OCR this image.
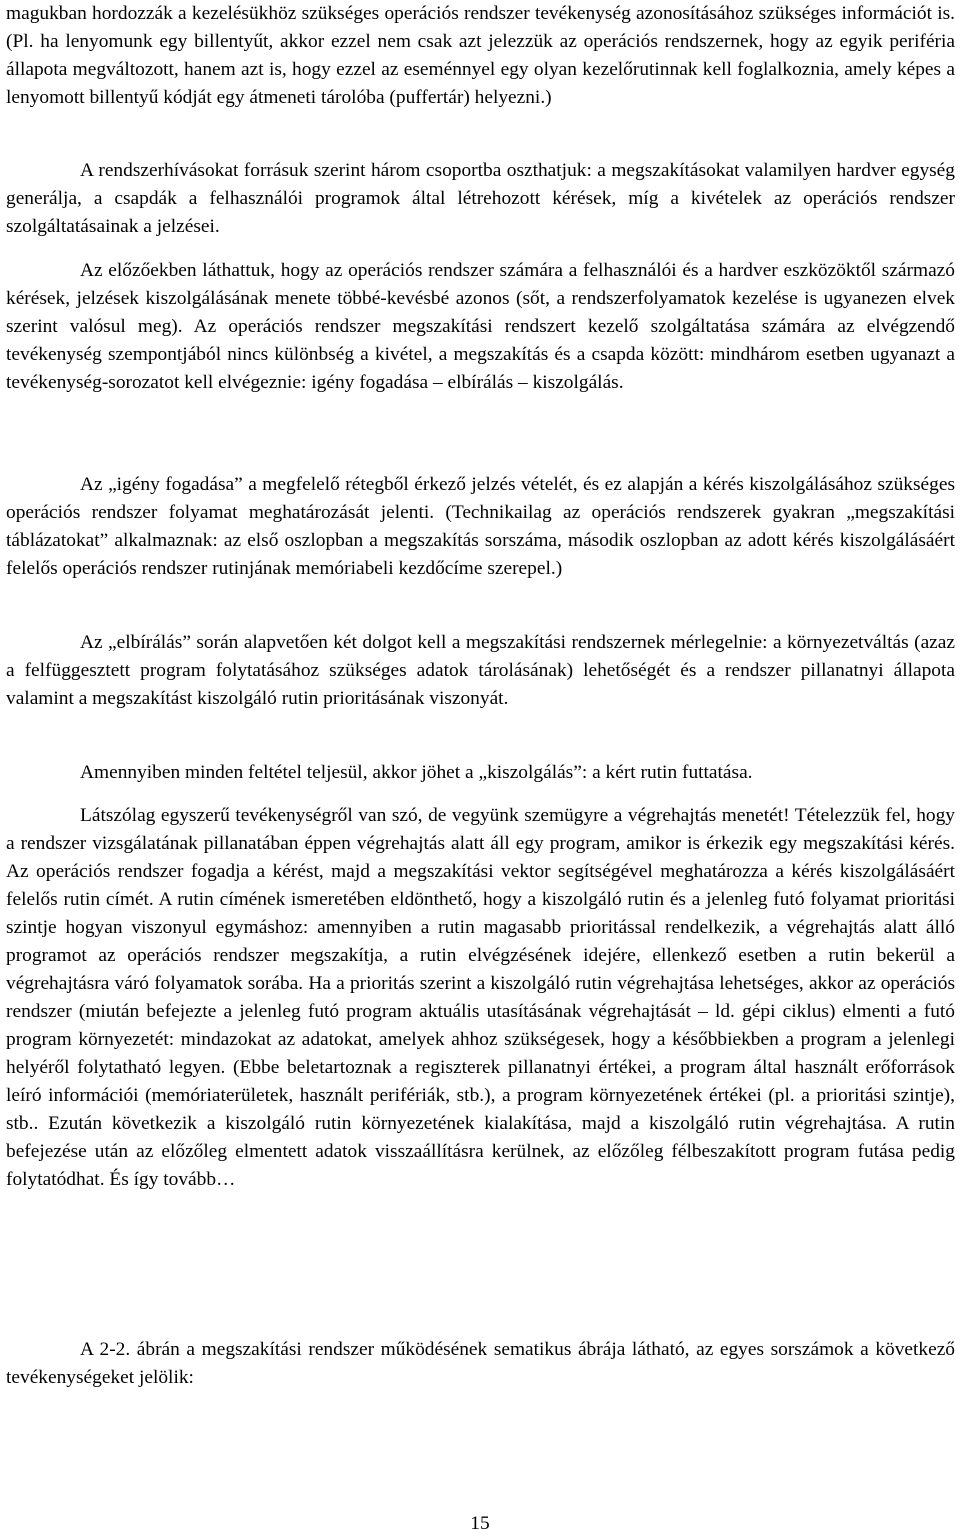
magukban hordozzák a kezelésükhöz szükséges operációs rendszer tevékenység azonosításához szükséges információt is. (Pl. ha lenyomunk egy billentyűt, akkor ezzel nem csak azt jelezzük az operációs rendszernek, hogy az egyik periféria állapota megváltozott, hanem azt is, hogy ezzel az eseménnyel egy olyan kezelőrutinnak kell foglalkoznia, amely képes a lenyomott billentyű kódját egy átmeneti tárolóba (puffertár) helyezni.)

A rendszerhívásokat forrásuk szerint három csoportba oszthatjuk: a megszakításokat valamilyen hardver egység generálja, a csapdák a felhasználói programok által létrehozott kérések, míg a kivételek az operációs rendszer szolgáltatásainak a jelzései.

Az előzőekben láthattuk, hogy az operációs rendszer számára a felhasználói és a hardver eszközöktől származó kérések, jelzések kiszolgálásának menete többé-kevésbé azonos (sőt, a rendszerfolyamatok kezelése is ugyanezen elvek szerint valósul meg). Az operációs rendszer megszakítási rendszert kezelő szolgáltatása számára az elvégzendő tevékenység szempontjából nincs különbség a kivétel, a megszakítás és a csapda között: mindhárom esetben ugyanazt a tevékenység-sorozatot kell elvégeznie: igény fogadása – elbírálás – kiszolgálás.

Az „igény fogadása” a megfelelő rétegből érkező jelzés vételét, és ez alapján a kérés kiszolgálásához szükséges operációs rendszer folyamat meghatározását jelenti. (Technikailag az operációs rendszerek gyakran „megszakítási táblázatokat” alkalmaznak: az első oszlopban a megszakítás sorszáma, második oszlopban az adott kérés kiszolgálásáért felelős operációs rendszer rutinjának memóriabeli kezdőcíme szerepel.)

Az „elbírálás” során alapvetően két dolgot kell a megszakítási rendszernek mérlegelnie: a környezetváltás (azaz a felfüggesztett program folytatásához szükséges adatok tárolásának) lehetőségét és a rendszer pillanatnyi állapota valamint a megszakítást kiszolgáló rutin prioritásának viszonyát.

Amennyiben minden feltétel teljesül, akkor jöhet a „kiszolgálás”: a kért rutin futtatása.

Látszólag egyszerű tevékenységről van szó, de vegyünk szemügyre a végrehajtás menetét! Tételezzük fel, hogy a rendszer vizsgálatának pillanatában éppen végrehajtás alatt áll egy program, amikor is érkezik egy megszakítási kérés. Az operációs rendszer fogadja a kérést, majd a megszakítási vektor segítségével meghatározza a kérés kiszolgálásáért felelős rutin címét. A rutin címének ismeretében eldönthető, hogy a kiszolgáló rutin és a jelenleg futó folyamat prioritási szintje hogyan viszonyul egymáshoz: amennyiben a rutin magasabb prioritással rendelkezik, a végrehajtás alatt álló programot az operációs rendszer megszakítja, a rutin elvégzésének idejére, ellenkező esetben a rutin bekerül a végrehajtásra váró folyamatok sorába. Ha a prioritás szerint a kiszolgáló rutin végrehajtása lehetséges, akkor az operációs rendszer (miután befejezte a jelenleg futó program aktuális utasításának végrehajtását – ld. gépi ciklus) elmenti a futó program környezetét: mindazokat az adatokat, amelyek ahhoz szükségesek, hogy a későbbiekben a program a jelenlegi helyéről folytatható legyen. (Ebbe beletartoznak a regiszterek pillanatnyi értékei, a program által használt erőforrások leíró információi (memóriaterületek, használt perifériák, stb.), a program környezetének értékei (pl. a prioritási szintje), stb.. Ezután következik a kiszolgáló rutin környezetének kialakítása, majd a kiszolgáló rutin végrehajtása. A rutin befejezése után az előzőleg elmentett adatok visszaállításra kerülnek, az előzőleg félbeszakított program futása pedig folytatódhat. És így tovább…

A 2-2. ábrán a megszakítási rendszer működésének sematikus ábrája látható, az egyes sorszámok a következő tevékenységeket jelölik:

15
